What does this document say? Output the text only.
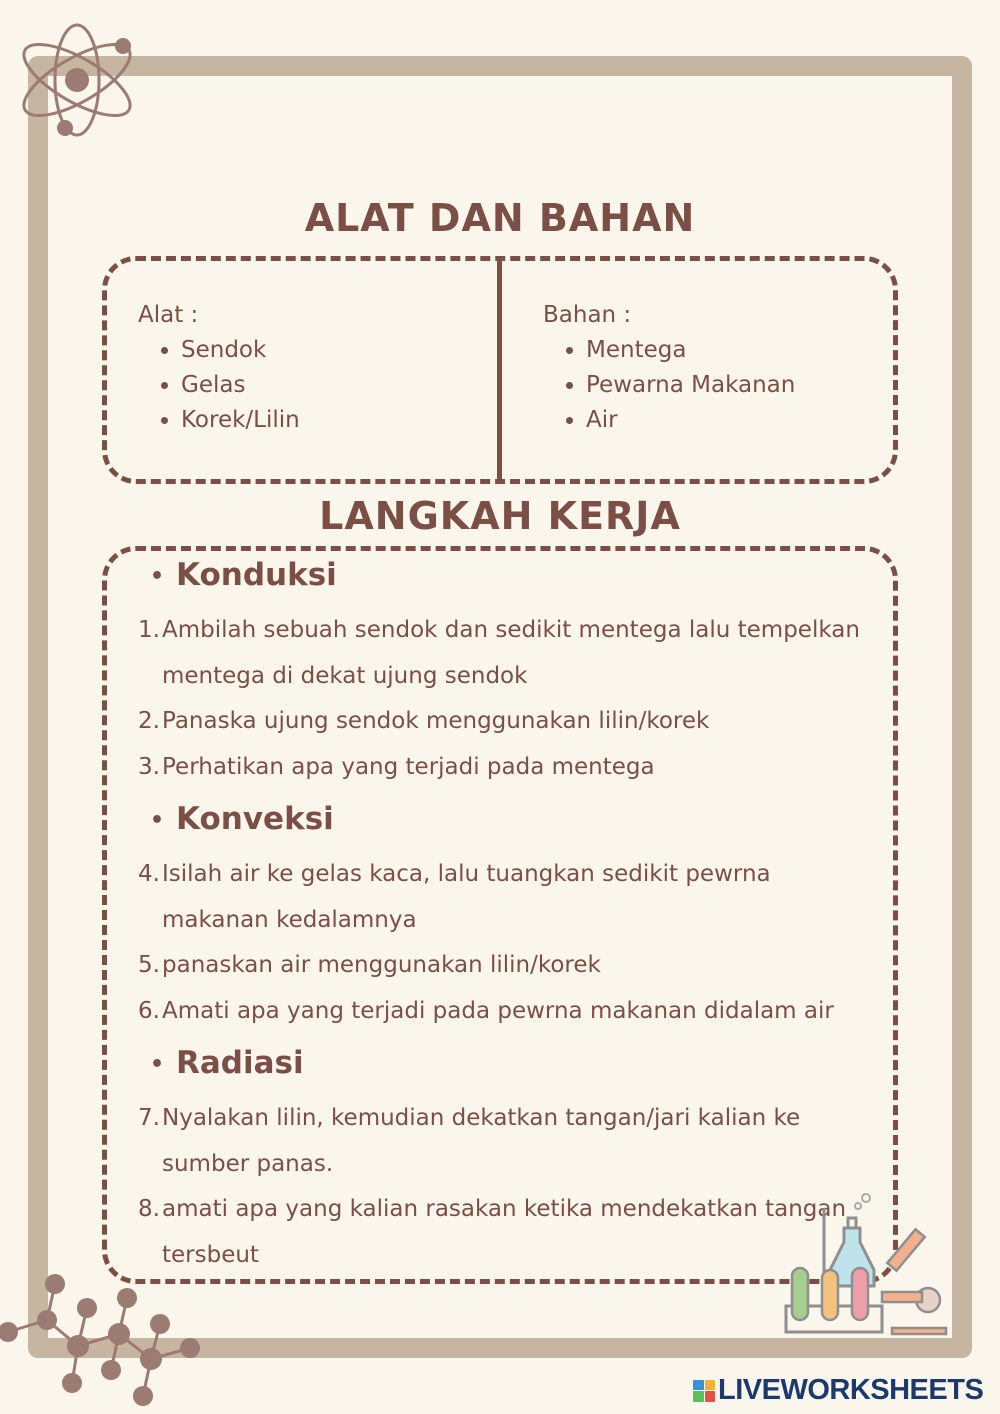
ALAT DAN BAHAN
Alat :
• Sendok
• Gelas
• Korek/Lilin
Bahan :
• Mentega
• Pewarna Makanan
• Air
LANGKAH KERJA
• Konduksi
1. Ambilah sebuah sendok dan sedikit mentega lalu tempelkan mentega di dekat ujung sendok
2. Panaska ujung sendok menggunakan lilin/korek
3. Perhatikan apa yang terjadi pada mentega
• Konveksi
4. Isilah air ke gelas kaca, lalu tuangkan sedikit pewrna makanan kedalamnya
5. panaskan air menggunakan lilin/korek
6. Amati apa yang terjadi pada pewrna makanan didalam air
• Radiasi
7. Nyalakan lilin, kemudian dekatkan tangan/jari kalian ke sumber panas.
8. amati apa yang kalian rasakan ketika mendekatkan tangan tersbeut
LIVEWORKSHEETS
